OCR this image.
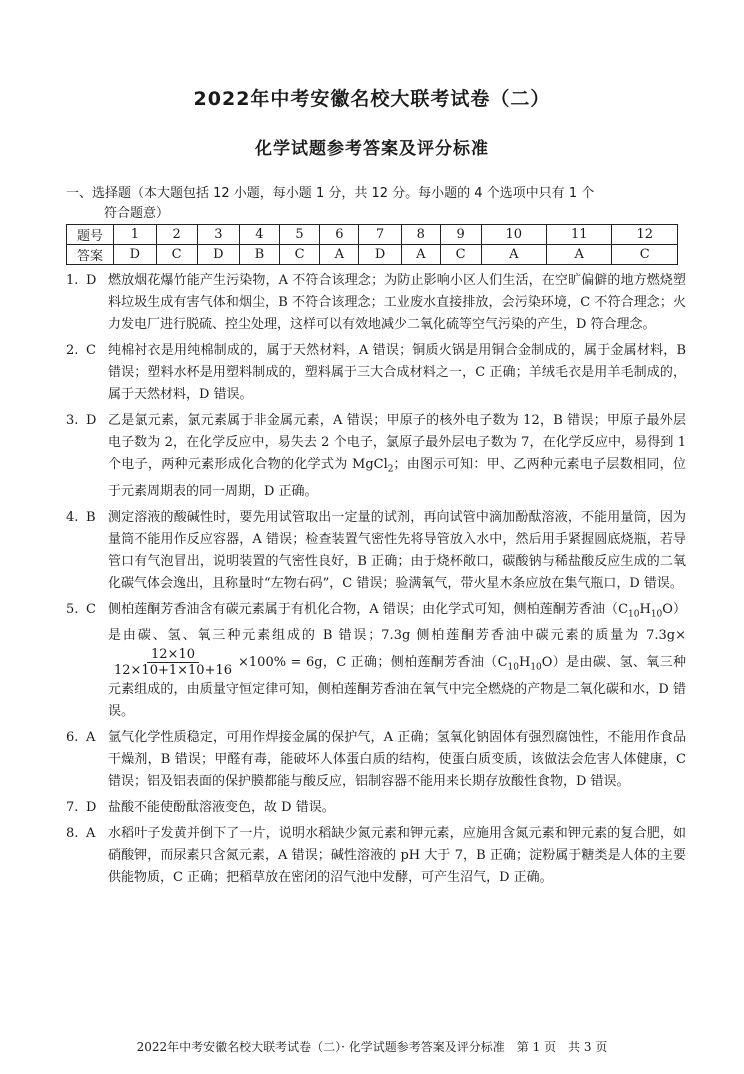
2022年中考安徽名校大联考试卷（二）
化学试题参考答案及评分标准
一、选择题（本大题包括 12 小题，每小题 1 分，共 12 分。每小题的 4 个选项中只有 1 个
符合题意）
题号	1	2	3	4	5	6	7	8	9	10	11	12
答案	D	C	D	B	C	A	D	A	C	A	A	C
1. D 燃放烟花爆竹能产生污染物，A 不符合该理念；为防止影响小区人们生活，在空旷偏僻的地方燃烧塑料垃圾生成有害气体和烟尘，B 不符合该理念；工业废水直接排放，会污染环境，C 不符合理念；火力发电厂进行脱硫、控尘处理，这样可以有效地减少二氧化硫等空气污染的产生，D 符合理念。
2. C 纯棉衬衣是用纯棉制成的，属于天然材料，A 错误；铜质火锅是用铜合金制成的，属于金属材料，B 错误；塑料水杯是用塑料制成的，塑料属于三大合成材料之一，C 正确；羊绒毛衣是用羊毛制成的，属于天然材料，D 错误。
3. D 乙是氯元素，氯元素属于非金属元素，A 错误；甲原子的核外电子数为 12，B 错误；甲原子最外层电子数为 2，在化学反应中，易失去 2 个电子，氯原子最外层电子数为 7，在化学反应中，易得到 1 个电子，两种元素形成化合物的化学式为 MgCl$_2$；由图示可知：甲、乙两种元素电子层数相同，位于元素周期表的同一周期，D 正确。
4. B 测定溶液的酸碱性时，要先用试管取出一定量的试剂，再向试管中滴加酚酞溶液，不能用量筒，因为量筒不能用作反应容器，A 错误；检查装置气密性先将导管放入水中，然后用手紧握圆底烧瓶，若导管口有气泡冒出，说明装置的气密性良好，B 正确；由于烧杯敞口，碳酸钠与稀盐酸反应生成的二氧化碳气体会逸出，且称量时“左物右码”，C 错误；验满氧气，带火星木条应放在集气瓶口，D 错误。
5. C 侧柏莲酮芳香油含有碳元素属于有机化合物，A 错误；由化学式可知，侧柏莲酮芳香油$(C_{10}H_{10}O)$是由碳、氢、氧三种元素组成的 B 错误；7.3g 侧柏莲酮芳香油中碳元素的质量为 7.3g×
$\frac{12\times 10}{12\times 10+1\times 10+16} \times 100\% = 6g$，C 正确；侧柏莲酮芳香油$(C_{10}H_{10}O)$是由碳、氢、氧三种元素组成的，由质量守恒定律可知，侧柏莲酮芳香油在氧气中完全燃烧的产物是二氧化碳和水，D 错误。
6. A 氩气化学性质稳定，可用作焊接金属的保护气，A 正确；氢氧化钠固体有强烈腐蚀性，不能用作食品干燥剂，B 错误；甲醛有毒，能破坏人体蛋白质的结构，使蛋白质变质，该做法会危害人体健康，C 错误；铝及铝表面的保护膜都能与酸反应，铝制容器不能用来长期存放酸性食物，D 错误。
7. D 盐酸不能使酚酞溶液变色，故 D 错误。
8. A 水稻叶子发黄并倒下了一片，说明水稻缺少氮元素和钾元素，应施用含氮元素和钾元素的复合肥，如硝酸钾，而尿素只含氮元素，A 错误；碱性溶液的 pH 大于 7，B 正确；淀粉属于糖类是人体的主要供能物质，C 正确；把稻草放在密闭的沼气池中发酵，可产生沼气，D 正确。
2022年中考安徽名校大联考试卷（二）· 化学试题参考答案及评分标准　第 1 页　共 3 页
